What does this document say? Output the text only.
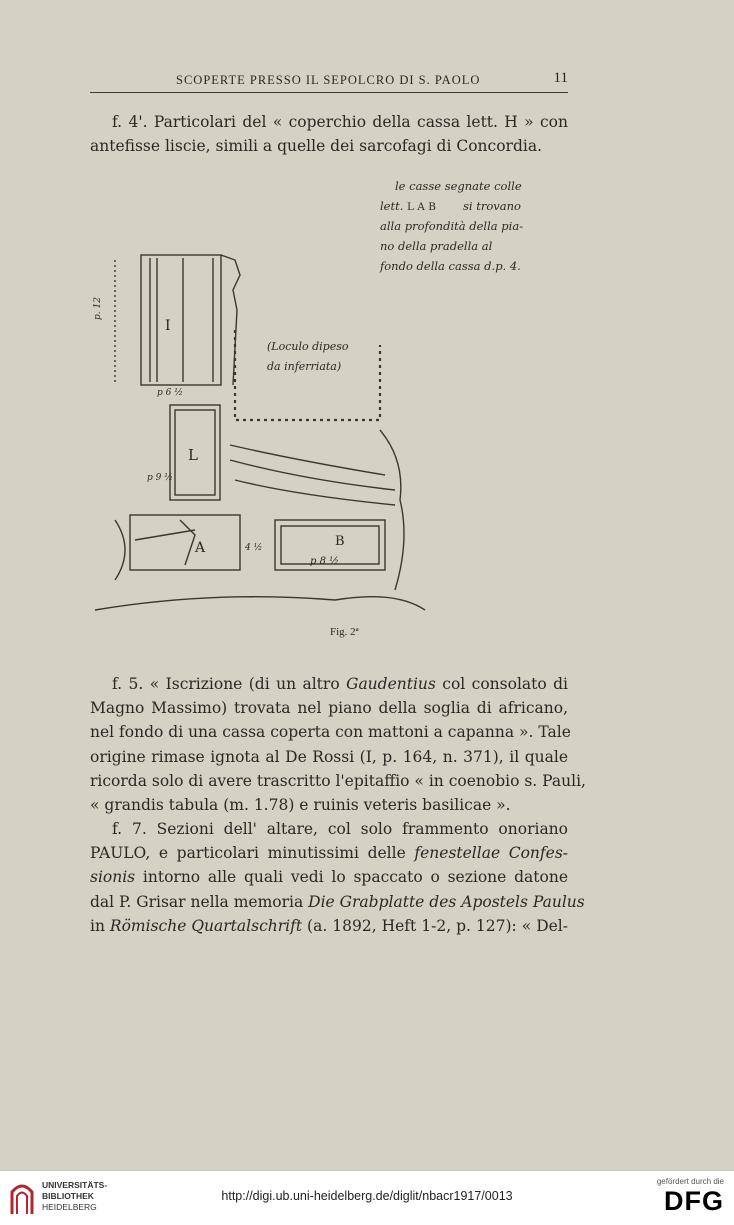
SCOPERTE PRESSO IL SEPOLCRO DI S. PAOLO	11

f. 4'. Particolari del « coperchio della cassa lett. H » con
antefisse liscie, simili a quelle dei sarcofagi di Concordia.

I
L
A	B
(Loculo dipeso
da inferriata)
p 6 ½
p 9 ½
4 ½
p 8 ½
p. 12
le casse segnate colle
lett. L A B si trovano
alla profondità della pia-
no della pradella al
fondo della cassa d.p. 4.
Fig. 2ª

f. 5. « Iscrizione (di un altro Gaudentius col consolato di
Magno Massimo) trovata nel piano della soglia di africano,
nel fondo di una cassa coperta con mattoni a capanna ». Tale
origine rimase ignota al De Rossi (I, p. 164, n. 371), il quale
ricorda solo di avere trascritto l'epitaffio « in coenobio s. Pauli,
« grandis tabula (m. 1.78) e ruinis veteris basilicae ».

f. 7. Sezioni dell' altare, col solo frammento onoriano
PAULO, e particolari minutissimi delle fenestellae Confes-
sionis intorno alle quali vedi lo spaccato o sezione datone
dal P. Grisar nella memoria Die Grabplatte des Apostels Paulus
in Römische Quartalschrift (a. 1892, Heft 1-2, p. 127): « Del-

UNIVERSITÄTS-
BIBLIOTHEK
HEIDELBERG
http://digi.ub.uni-heidelberg.de/diglit/nbacr1917/0013
gefördert durch die
DFG
